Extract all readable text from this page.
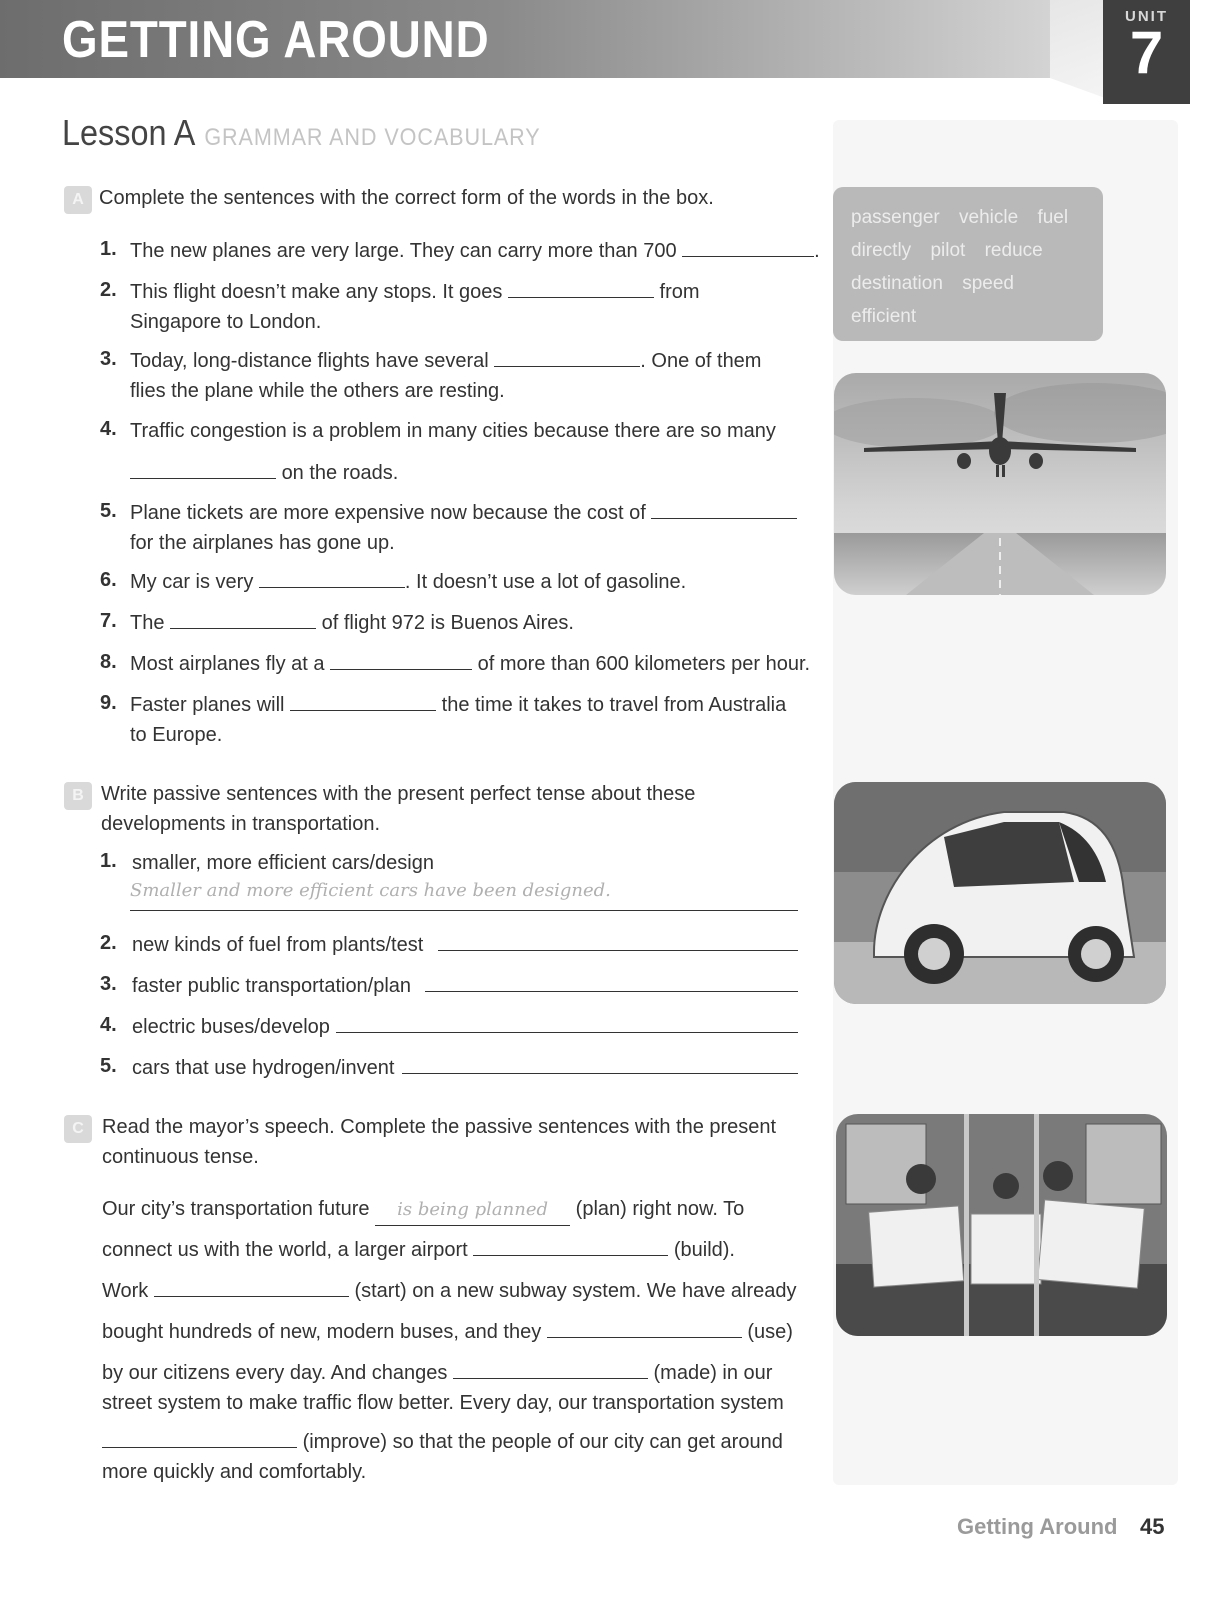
GETTING AROUND	UNIT
7
Lesson A GRAMMAR AND VOCABULARY
passenger vehicle fuel
directly pilot reduce
destination speed
efficient
A Complete the sentences with the correct form of the words in the box.
1. The new planes are very large. They can carry more than 700	.
2. This flight doesn’t make any stops. It goes	from
Singapore to London.
3. Today, long-distance flights have several	. One of them
flies the plane while the others are resting.
4. Traffic congestion is a problem in many cities because there are so many
on the roads.
5. Plane tickets are more expensive now because the cost of
for the airplanes has gone up.
6. My car is very	. It doesn’t use a lot of gasoline.
7. The	of flight 972 is Buenos Aires.
8. Most airplanes fly at a	of more than 600 kilometers per hour.
9. Faster planes will	the time it takes to travel from Australia
to Europe.
B Write passive sentences with the present perfect tense about these
developments in transportation.
1. smaller, more efficient cars/design
Smaller and more efficient cars have been designed.
2. new kinds of fuel from plants/test
3. faster public transportation/plan
4. electric buses/develop
5. cars that use hydrogen/invent
C Read the mayor’s speech. Complete the passive sentences with the present
continuous tense.
Our city’s transportation future is being planned (plan) right now. To
connect us with the world, a larger airport	(build).
Work	(start) on a new subway system. We have already
bought hundreds of new, modern buses, and they	(use)
by our citizens every day. And changes	(made) in our
street system to make traffic flow better. Every day, our transportation system
(improve) so that the people of our city can get around
more quickly and comfortably.
Getting Around 45
